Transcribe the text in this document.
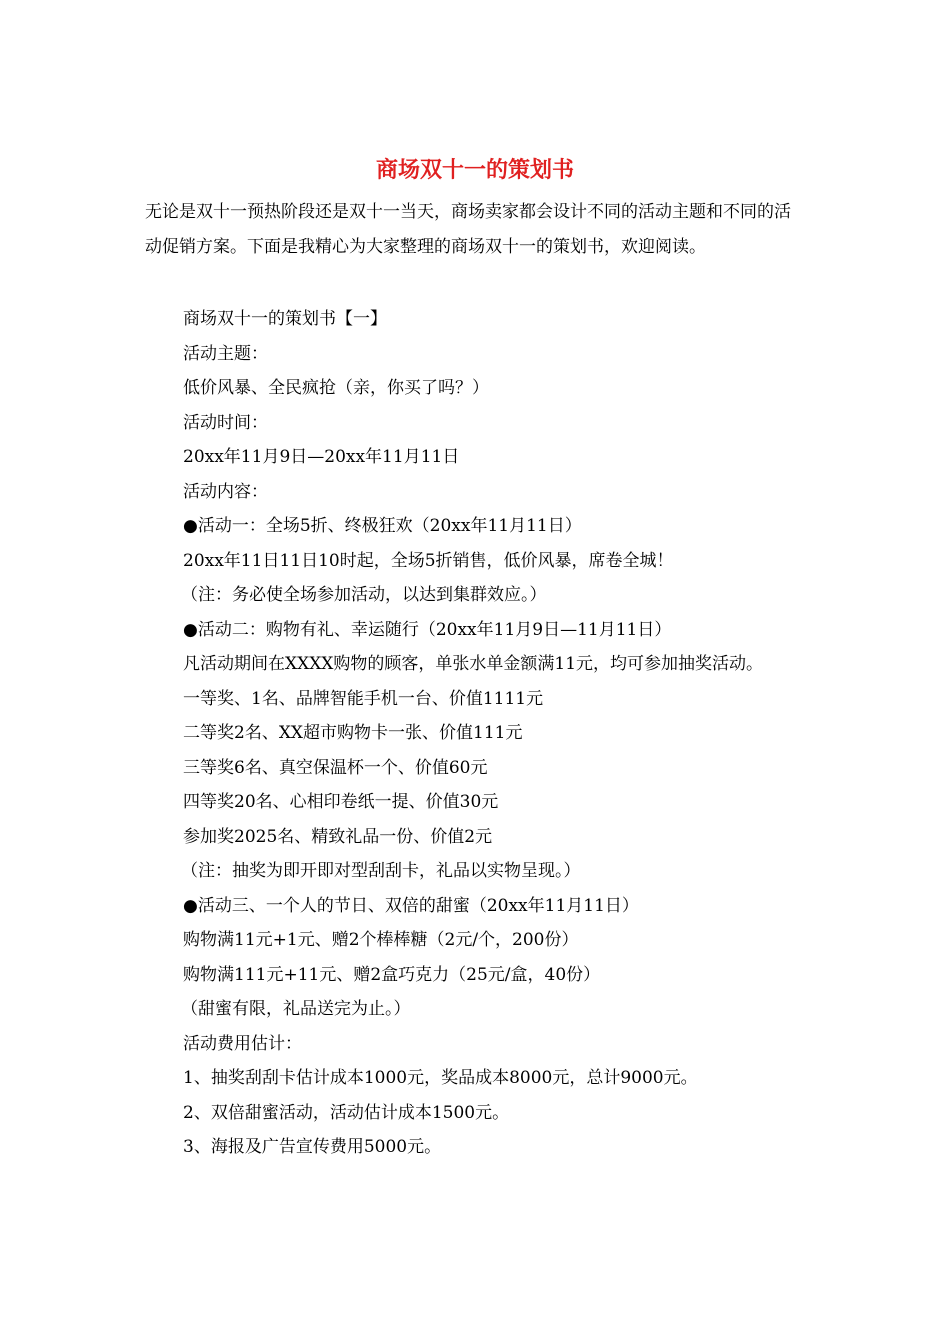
商场双十一的策划书

无论是双十一预热阶段还是双十一当天，商场卖家都会设计不同的活动主题和不同的活动促销方案。下面是我精心为大家整理的商场双十一的策划书，欢迎阅读。

商场双十一的策划书【一】

活动主题：

低价风暴、全民疯抢（亲，你买了吗？）

活动时间：

20xx年11月9日—20xx年11月11日

活动内容：

●活动一：全场5折、终极狂欢（20xx年11月11日）

20xx年11日11日10时起，全场5折销售，低价风暴，席卷全城！

（注：务必使全场参加活动，以达到集群效应。）

●活动二：购物有礼、幸运随行（20xx年11月9日—11月11日）

凡活动期间在XXXX购物的顾客，单张水单金额满11元，均可参加抽奖活动。

一等奖、1名、品牌智能手机一台、价值1111元

二等奖2名、XX超市购物卡一张、价值111元

三等奖6名、真空保温杯一个、价值60元

四等奖20名、心相印卷纸一提、价值30元

参加奖2025名、精致礼品一份、价值2元

（注：抽奖为即开即对型刮刮卡，礼品以实物呈现。）

●活动三、一个人的节日、双倍的甜蜜（20xx年11月11日）

购物满11元+1元、赠2个棒棒糖（2元/个，200份）

购物满111元+11元、赠2盒巧克力（25元/盒，40份）

（甜蜜有限，礼品送完为止。）

活动费用估计：

1、抽奖刮刮卡估计成本1000元，奖品成本8000元，总计9000元。

2、双倍甜蜜活动，活动估计成本1500元。

3、海报及广告宣传费用5000元。
